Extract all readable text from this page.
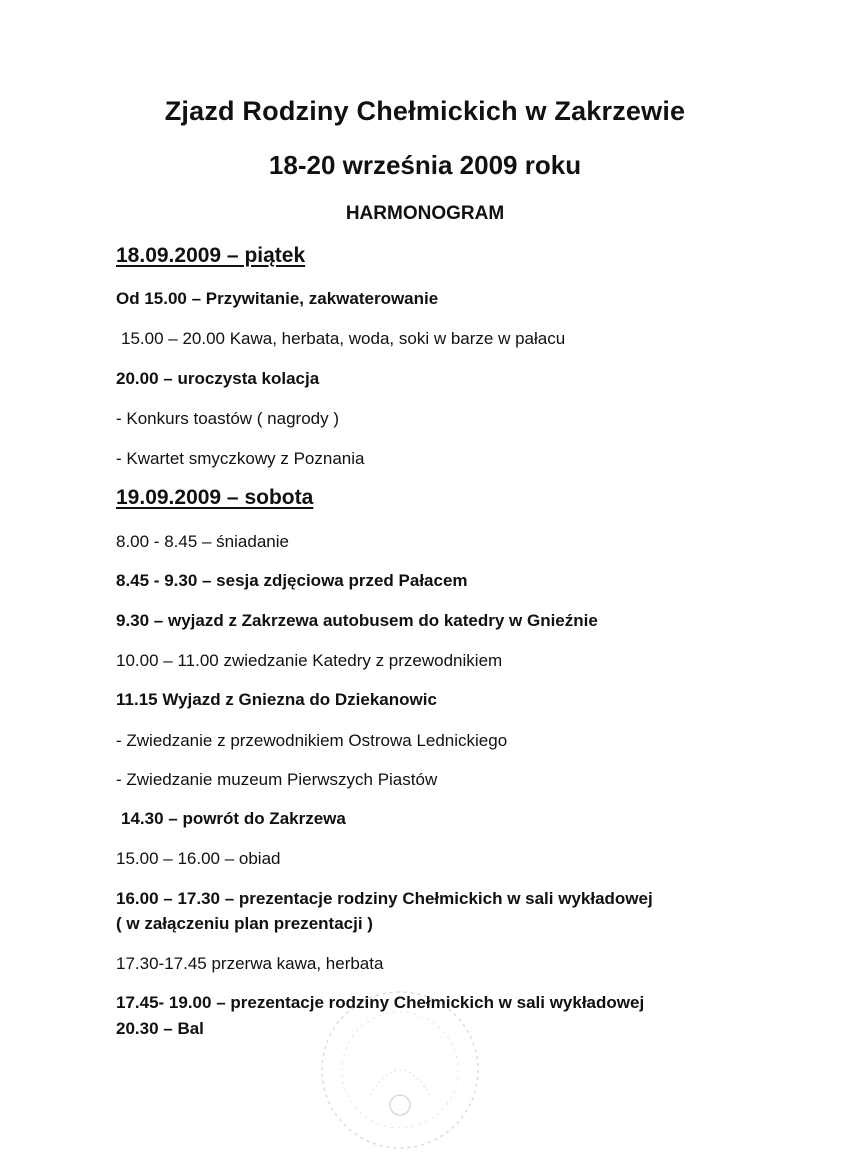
Zjazd Rodziny Chełmickich w Zakrzewie
18-20 września 2009 roku
HARMONOGRAM
18.09.2009 – piątek
Od 15.00 – Przywitanie, zakwaterowanie
15.00 – 20.00 Kawa, herbata, woda, soki w barze w pałacu
20.00 – uroczysta kolacja
- Konkurs toastów ( nagrody )
- Kwartet smyczkowy z Poznania
19.09.2009 – sobota
8.00 - 8.45 – śniadanie
8.45 - 9.30 – sesja zdjęciowa przed Pałacem
9.30 – wyjazd z Zakrzewa autobusem do katedry w Gnieźnie
10.00 – 11.00 zwiedzanie Katedry z przewodnikiem
11.15 Wyjazd z Gniezna do Dziekanowic
- Zwiedzanie z przewodnikiem Ostrowa Lednickiego
- Zwiedzanie muzeum Pierwszych Piastów
14.30 – powrót do Zakrzewa
15.00 – 16.00 – obiad
16.00 – 17.30 – prezentacje rodziny Chełmickich w sali wykładowej
( w załączeniu plan prezentacji )
17.30-17.45 przerwa kawa, herbata
17.45- 19.00 – prezentacje rodziny Chełmickich w sali wykładowej
20.30 – Bal
